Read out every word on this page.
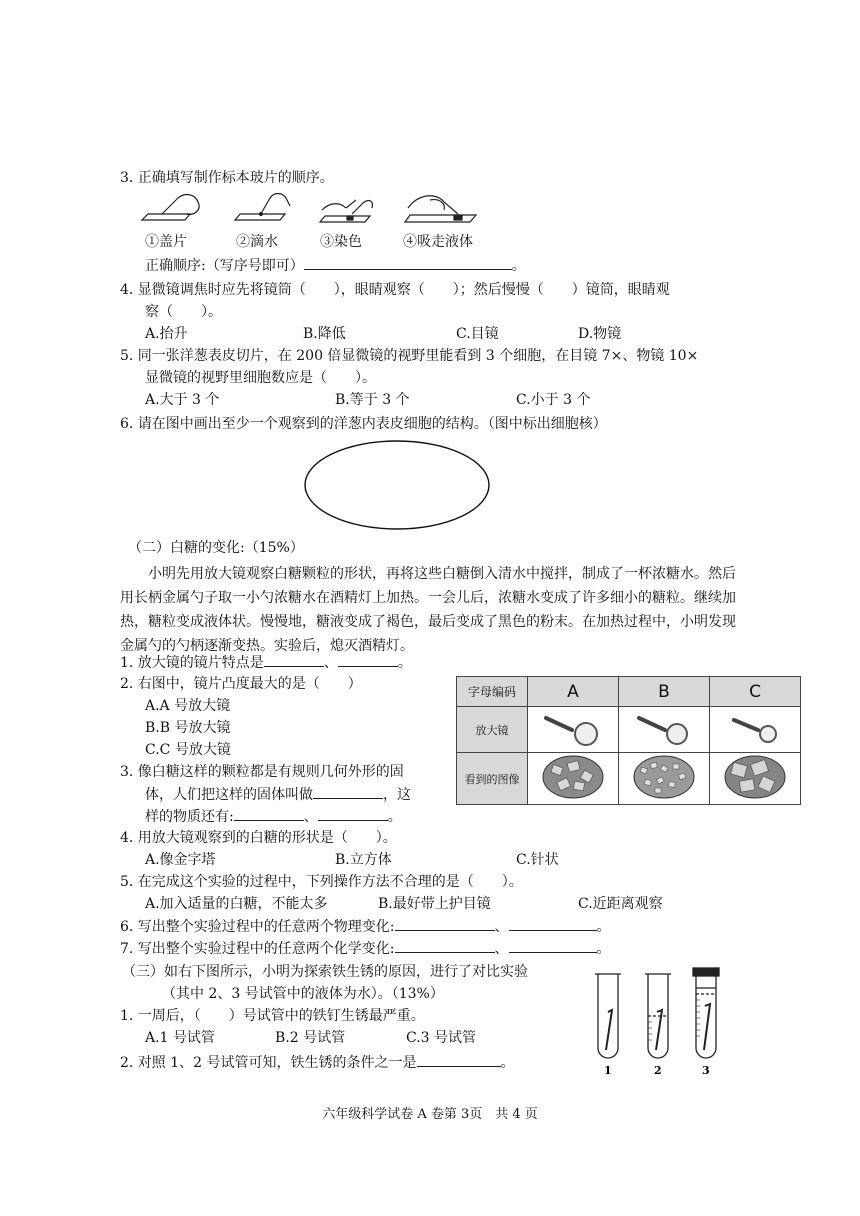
3. 正确填写制作标本玻片的顺序。
①盖片	②滴水	③染色	④吸走液体
正确顺序:（写序号即可）	。
4. 显微镜调焦时应先将镜筒（　　），眼睛观察（　　）；然后慢慢（　　）镜筒，眼睛观
察（　　）。
A.抬升	B.降低	C.目镜	D.物镜
5. 同一张洋葱表皮切片，在 200 倍显微镜的视野里能看到 3 个细胞，在目镜 7×、物镜 10×
显微镜的视野里细胞数应是（　　）。
A.大于 3 个	B.等于 3 个	C.小于 3 个
6. 请在图中画出至少一个观察到的洋葱内表皮细胞的结构。（图中标出细胞核）
（二）白糖的变化:（15%）
小明先用放大镜观察白糖颗粒的形状，再将这些白糖倒入清水中搅拌，制成了一杯浓糖水。然后用长柄金属勺子取一小勺浓糖水在酒精灯上加热。一会儿后，浓糖水变成了许多细小的糖粒。继续加热，糖粒变成液体状。慢慢地，糖液变成了褐色，最后变成了黑色的粉末。在加热过程中，小明发现金属勺的勺柄逐渐变热。实验后，熄灭酒精灯。
1. 放大镜的镜片特点是	、	。
2. 右图中，镜片凸度最大的是（　　）
A.A 号放大镜
B.B 号放大镜
C.C 号放大镜
3. 像白糖这样的颗粒都是有规则几何外形的固
体，人们把这样的固体叫做	，这
样的物质还有:	、	。
字母编码	A	B	C
放大镜			
看到的图像			
4. 用放大镜观察到的白糖的形状是（　　）。
A.像金字塔	B.立方体	C.针状
5. 在完成这个实验的过程中，下列操作方法不合理的是（　　）。
A.加入适量的白糖，不能太多	B.最好带上护目镜	C.近距离观察
6. 写出整个实验过程中的任意两个物理变化:	、	。
7. 写出整个实验过程中的任意两个化学变化:	、	。
（三）如右下图所示，小明为探索铁生锈的原因，进行了对比实验
（其中 2、3 号试管中的液体为水）。（13%）
1. 一周后，（　　）号试管中的铁钉生锈最严重。
A.1 号试管	B.2 号试管	C.3 号试管
2. 对照 1、2 号试管可知，铁生锈的条件之一是	。	1	2	3
六年级科学试卷 A 卷第 3页　共 4 页
